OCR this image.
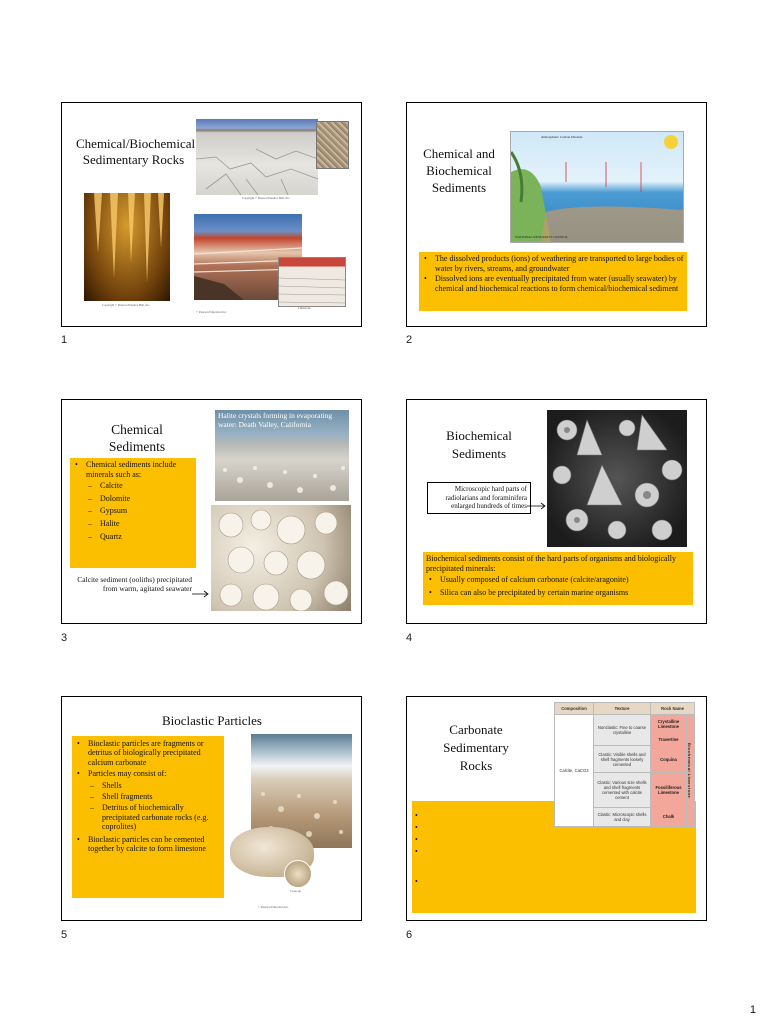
Chemical/Biochemical Sedimentary Rocks
Copyright © Pearson Prentice Hall, Inc.
Copyright © Pearson Prentice Hall, Inc.
Limestone
© Pearson Education Inc.
1
Chemical and Biochemical Sediments
Atmospheric Carbon Dioxide
NATIONAL RESEARCH COUNCIL
• The dissolved products (ions) of weathering are transported to large bodies of water by rivers, streams, and groundwater
• Dissolved ions are eventually precipitated from water (usually seawater) by chemical and biochemical reactions to form chemical/biochemical sediment
2
Chemical Sediments
Halite crystals forming in evaporating water: Death Valley, California
• Chemical sediments include minerals such as:
– Calcite
– Dolomite
– Gypsum
– Halite
– Quartz
Calcite sediment (ooliths) precipitated from warm, agitated seawater
3
Biochemical Sediments
Microscopic hard parts of radiolarians and foraminifera enlarged hundreds of times
Biochemical sediments consist of the hard parts of organisms and biologically precipitated minerals:
• Usually composed of calcium carbonate (calcite/aragonite)
• Silica can also be precipitated by certain marine organisms
4
Bioclastic Particles
Close-up
© Pearson Education Inc.
• Bioclastic particles are fragments or detritus of biologically precipitated calcium carbonate
• Particles may consist of:
– Shells
– Shell fragments
– Detritus of biochemically precipitated carbonate rocks (e.g. coprolites)
• Bioclastic particles can be cemented together by calcite to form limestone
5
Carbonate Sedimentary Rocks
•
•
•
•
•
Composition	Texture	Rock Name	
Calcite, CaCO3	Nonclastic: Fine to coarse crystalline	Crystalline Limestone	Biochemical Limestone

		Travertine	
	Clastic: Visible shells and shell fragments loosely cemented	Coquina	
	Clastic: Various size shells and shell fragments cemented with calcite cement	Fossiliferous Limestone	
	Clastic: Microscopic shells and clay	Chalk	
6
1
